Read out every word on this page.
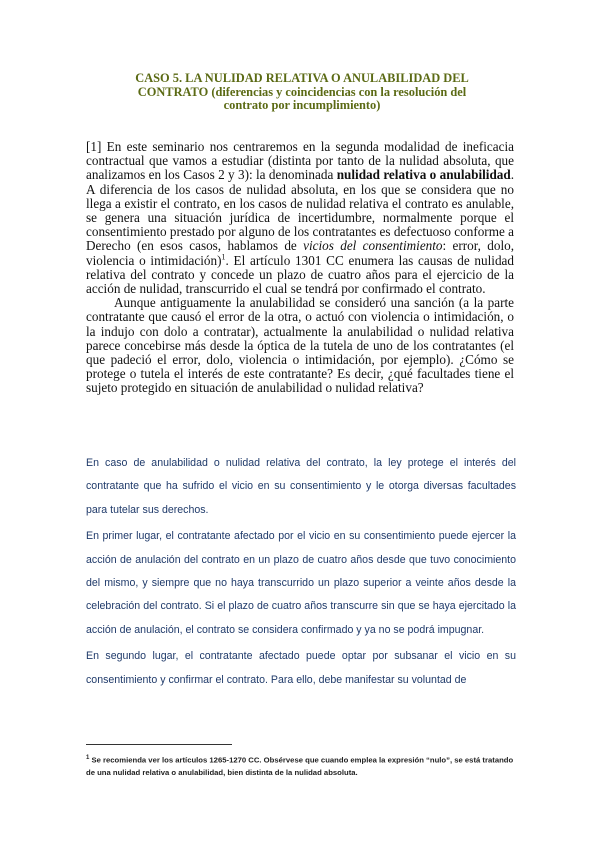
CASO 5. LA NULIDAD RELATIVA O ANULABILIDAD DEL
CONTRATO (diferencias y coincidencias con la resolución del
contrato por incumplimiento)

[1] En este seminario nos centraremos en la segunda modalidad de ineficacia contractual que vamos a estudiar (distinta por tanto de la nulidad absoluta, que analizamos en los Casos 2 y 3): la denominada nulidad relativa o anulabilidad. A diferencia de los casos de nulidad absoluta, en los que se considera que no llega a existir el contrato, en los casos de nulidad relativa el contrato es anulable, se genera una situación jurídica de incertidumbre, normalmente porque el consentimiento prestado por alguno de los contratantes es defectuoso conforme a Derecho (en esos casos, hablamos de vicios del consentimiento: error, dolo, violencia o intimidación)$^1$. El artículo 1301 CC enumera las causas de nulidad relativa del contrato y concede un plazo de cuatro años para el ejercicio de la acción de nulidad, transcurrido el cual se tendrá por confirmado el contrato.

Aunque antiguamente la anulabilidad se consideró una sanción (a la parte contratante que causó el error de la otra, o actuó con violencia o intimidación, o la indujo con dolo a contratar), actualmente la anulabilidad o nulidad relativa parece concebirse más desde la óptica de la tutela de uno de los contratantes (el que padeció el error, dolo, violencia o intimidación, por ejemplo). ¿Cómo se protege o tutela el interés de este contratante? Es decir, ¿qué facultades tiene el sujeto protegido en situación de anulabilidad o nulidad relativa?

En caso de anulabilidad o nulidad relativa del contrato, la ley protege el interés del contratante que ha sufrido el vicio en su consentimiento y le otorga diversas facultades para tutelar sus derechos.

En primer lugar, el contratante afectado por el vicio en su consentimiento puede ejercer la acción de anulación del contrato en un plazo de cuatro años desde que tuvo conocimiento del mismo, y siempre que no haya transcurrido un plazo superior a veinte años desde la celebración del contrato. Si el plazo de cuatro años transcurre sin que se haya ejercitado la acción de anulación, el contrato se considera confirmado y ya no se podrá impugnar.

En segundo lugar, el contratante afectado puede optar por subsanar el vicio en su consentimiento y confirmar el contrato. Para ello, debe manifestar su voluntad de

$^1$ Se recomienda ver los artículos 1265-1270 CC. Obsérvese que cuando emplea la expresión “nulo”, se está tratando de una nulidad relativa o anulabilidad, bien distinta de la nulidad absoluta.
